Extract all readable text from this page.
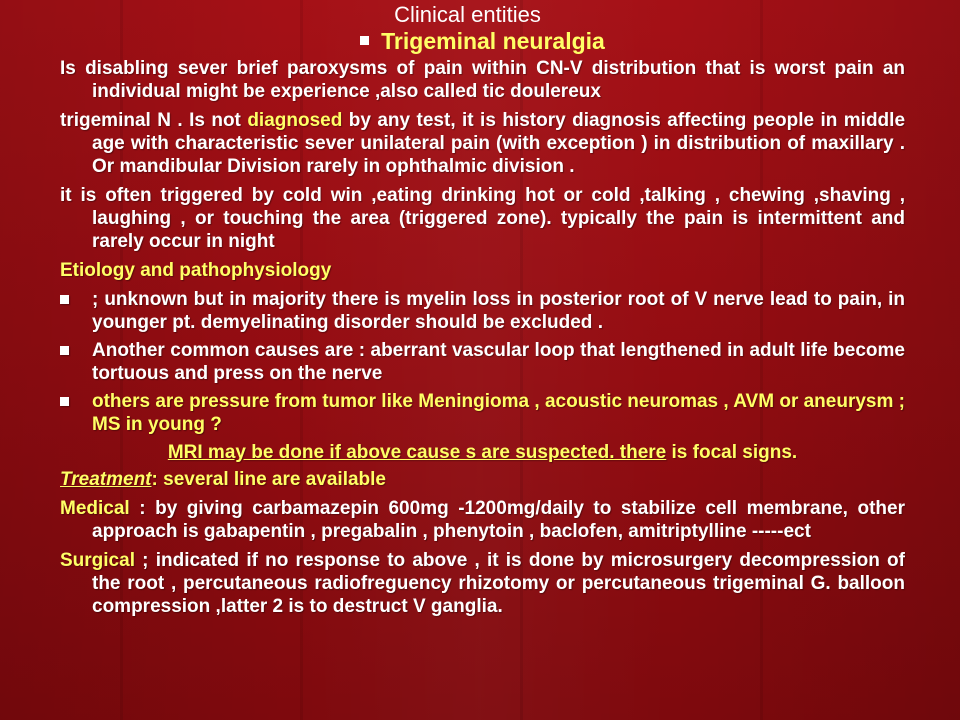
Clinical entities
Trigeminal neuralgia

Is disabling sever brief paroxysms of pain within CN-V distribution that is worst pain an individual might be experience ,also called tic doulereux

trigeminal N . Is not diagnosed by any test, it is history diagnosis affecting people in middle age with characteristic sever unilateral pain (with exception ) in distribution of maxillary . Or mandibular Division rarely in ophthalmic division .

it is often triggered by cold win ,eating drinking hot or cold ,talking , chewing ,shaving , laughing , or touching the area (triggered zone). typically the pain is intermittent and rarely occur in night

Etiology and pathophysiology

; unknown but in majority there is myelin loss in posterior root of V nerve lead to pain, in younger pt. demyelinating disorder should be excluded .
Another common causes are : aberrant vascular loop that lengthened in adult life become tortuous and press on the nerve
others are pressure from tumor like Meningioma , acoustic neuromas , AVM or aneurysm ; MS in young ?

MRI may be done if above cause s are suspected. there is focal signs.

Treatment: several line are available

Medical : by giving carbamazepin 600mg -1200mg/daily to stabilize cell membrane, other approach is gabapentin , pregabalin , phenytoin , baclofen, amitriptylline -----ect

Surgical ; indicated if no response to above , it is done by microsurgery decompression of the root , percutaneous radiofreguency rhizotomy or percutaneous trigeminal G. balloon compression ,latter 2 is to destruct V ganglia.
